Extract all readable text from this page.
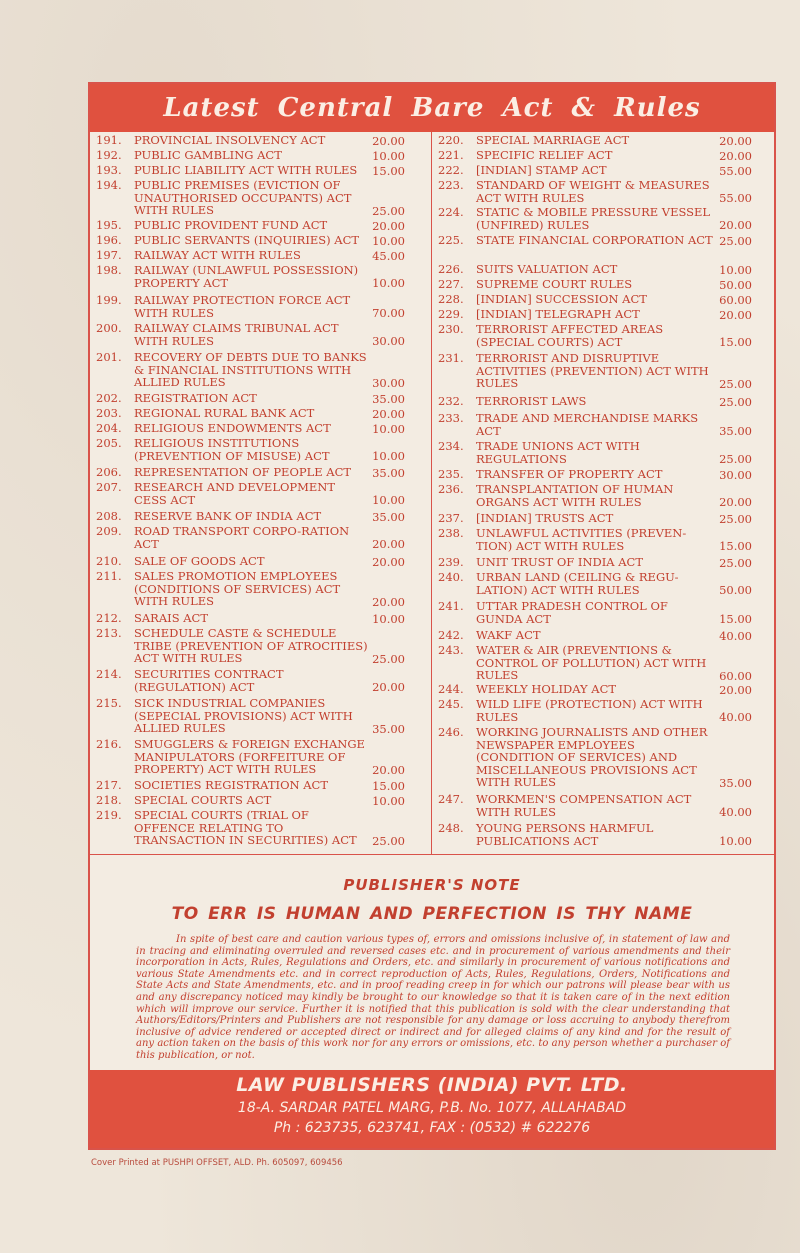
Latest Central Bare Act & Rules
191. PROVINCIAL INSOLVENCY ACT	20.00
192. PUBLIC GAMBLING ACT	10.00
193. PUBLIC LIABILITY ACT WITH RULES	15.00
194. PUBLIC PREMISES (EVICTION OF UNAUTHORISED OCCUPANTS) ACT WITH RULES	25.00
195. PUBLIC PROVIDENT FUND ACT	20.00
196. PUBLIC SERVANTS (INQUIRIES) ACT	10.00
197. RAILWAY ACT WITH RULES	45.00
198. RAILWAY (UNLAWFUL POSSESSION) PROPERTY ACT	10.00
199. RAILWAY PROTECTION FORCE ACT WITH RULES	70.00
200. RAILWAY CLAIMS TRIBUNAL ACT WITH RULES	30.00
201. RECOVERY OF DEBTS DUE TO BANKS & FINANCIAL INSTITUTIONS WITH ALLIED RULES	30.00
202. REGISTRATION ACT	35.00
203. REGIONAL RURAL BANK ACT	20.00
204. RELIGIOUS ENDOWMENTS ACT	10.00
205. RELIGIOUS INSTITUTIONS (PREVENTION OF MISUSE) ACT	10.00
206. REPRESENTATION OF PEOPLE ACT	35.00
207. RESEARCH AND DEVELOPMENT CESS ACT	10.00
208. RESERVE BANK OF INDIA ACT	35.00
209. ROAD TRANSPORT CORPO-RATION ACT	20.00
210. SALE OF GOODS ACT	20.00
211. SALES PROMOTION EMPLOYEES (CONDITIONS OF SERVICES) ACT WITH RULES	20.00
212. SARAIS ACT	10.00
213. SCHEDULE CASTE & SCHEDULE TRIBE (PREVENTION OF ATROCITIES) ACT WITH RULES	25.00
214. SECURITIES CONTRACT (REGULATION) ACT	20.00
215. SICK INDUSTRIAL COMPANIES (SEPECIAL PROVISIONS) ACT WITH ALLIED RULES	35.00
216. SMUGGLERS & FOREIGN EXCHANGE MANIPULATORS (FORFEITURE OF PROPERTY) ACT WITH RULES	20.00
217. SOCIETIES REGISTRATION ACT	15.00
218. SPECIAL COURTS ACT	10.00
219. SPECIAL COURTS (TRIAL OF OFFENCE RELATING TO TRANSACTION IN SECURITIES) ACT	25.00
220. SPECIAL MARRIAGE ACT	20.00
221. SPECIFIC RELIEF ACT	20.00
222. [INDIAN] STAMP ACT	55.00
223. STANDARD OF WEIGHT & MEASURES ACT WITH RULES	55.00
224. STATIC & MOBILE PRESSURE VESSEL (UNFIRED) RULES	20.00
225. STATE FINANCIAL CORPORATION ACT 25.00
226. SUITS VALUATION ACT	10.00
227. SUPREME COURT RULES	50.00
228. [INDIAN] SUCCESSION ACT	60.00
229. [INDIAN] TELEGRAPH ACT	20.00
230. TERRORIST AFFECTED AREAS (SPECIAL COURTS) ACT	15.00
231. TERRORIST AND DISRUPTIVE ACTIVITIES (PREVENTION) ACT WITH RULES	25.00
232. TERRORIST LAWS	25.00
233. TRADE AND MERCHANDISE MARKS ACT	35.00
234. TRADE UNIONS ACT WITH REGULATIONS	25.00
235. TRANSFER OF PROPERTY ACT	30.00
236. TRANSPLANTATION OF HUMAN ORGANS ACT WITH RULES	20.00
237. [INDIAN] TRUSTS ACT	25.00
238. UNLAWFUL ACTIVITIES (PREVEN-TION) ACT WITH RULES	15.00
239. UNIT TRUST OF INDIA ACT	25.00
240. URBAN LAND (CEILING & REGU-LATION) ACT WITH RULES	50.00
241. UTTAR PRADESH CONTROL OF GUNDA ACT	15.00
242. WAKF ACT	40.00
243. WATER & AIR (PREVENTIONS & CONTROL OF POLLUTION) ACT WITH RULES	60.00
244. WEEKLY HOLIDAY ACT	20.00
245. WILD LIFE (PROTECTION) ACT WITH RULES	40.00
246. WORKING JOURNALISTS AND OTHER NEWSPAPER EMPLOYEES (CONDITION OF SERVICES) AND MISCELLANEOUS PROVISIONS ACT WITH RULES	35.00
247. WORKMEN'S COMPENSATION ACT WITH RULES	40.00
248. YOUNG PERSONS HARMFUL PUBLICATIONS ACT	10.00
PUBLISHER'S NOTE
TO ERR IS HUMAN AND PERFECTION IS THY NAME
In spite of best care and caution various types of, errors and omissions inclusive of, in statement of law and in tracing and eliminating overruled and reversed cases etc. and in procurement of various amendments and their incorporation in Acts, Rules, Regulations and Orders, etc. and similarly in procurement of various notifications and various State Amendments etc. and in correct reproduction of Acts, Rules, Regulations, Orders, Notifications and State Acts and State Amendments, etc. and in proof reading creep in for which our patrons will please bear with us and any discrepancy noticed may kindly be brought to our knowledge so that it is taken care of in the next edition which will improve our service. Further it is notified that this publication is sold with the clear understanding that Authors/Editors/Printers and Publishers are not responsible for any damage or loss accruing to anybody therefrom inclusive of advice rendered or accepted direct or indirect and for alleged claims of any kind and for the result of any action taken on the basis of this work nor for any errors or omissions, etc. to any person whether a purchaser of this publication, or not.
LAW PUBLISHERS (INDIA) PVT. LTD.
18-A. SARDAR PATEL MARG, P.B. No. 1077, ALLAHABAD
Ph : 623735, 623741, FAX : (0532) # 622276
Cover Printed at PUSHPI OFFSET, ALD. Ph. 605097, 609456
